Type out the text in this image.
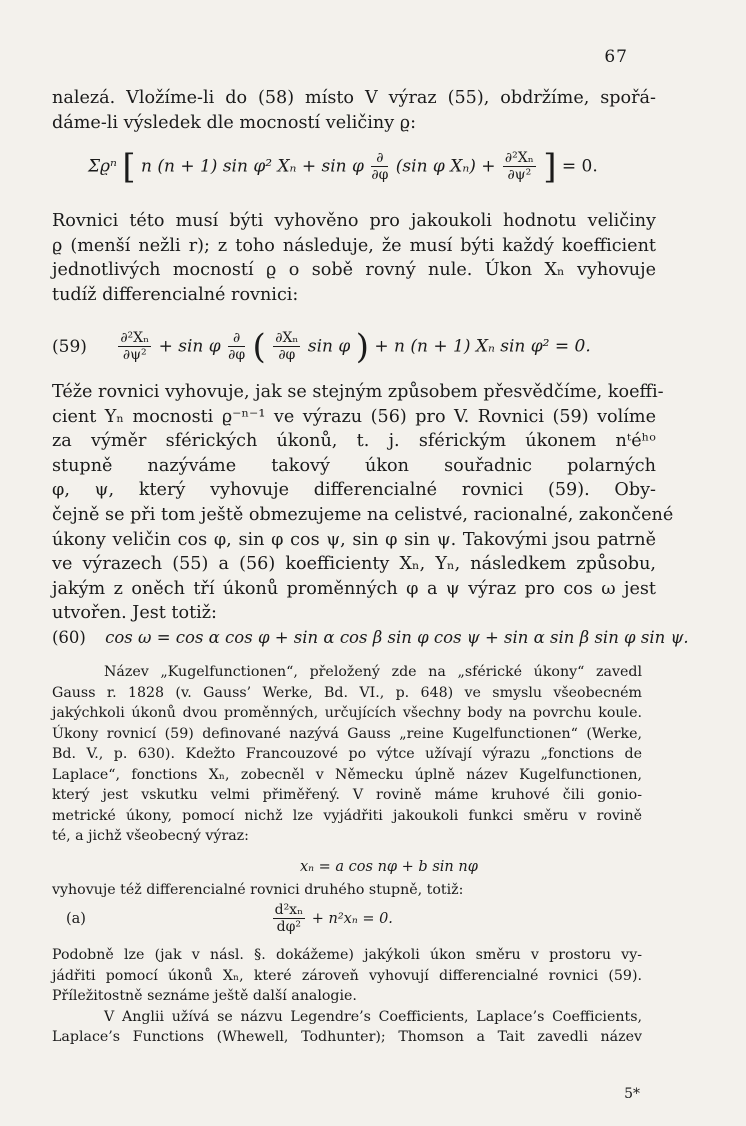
67

nalezá. Vložíme-li do (58) místo V výraz (55), obdržíme, spořá-
dáme-li výsledek dle mocností veličiny ϱ:

Σϱⁿ [ n (n + 1) sin φ² Xₙ + sin φ ∂
∂φ (sin φ $X_n) + \frac{\text{∂²Xₙ}}{\text{∂ψ²}}$ ] = 0.

Rovnici této musí býti vyhověno pro jakoukoli hodnotu veličiny
ϱ (menší nežli r); z toho následuje, že musí býti každý koefficient
jednotlivých mocností ϱ o sobě rovný nule. Úkon Xₙ vyhovuje
tudíž differencialné rovnici:

$(59) \frac{\text{∂²Xₙ}}{\text{∂ψ²}} + \sin \varphi$ ∂
∂φ ( $\frac{\text{∂Xₙ}}{\partial\varphi}$ sin φ ) + n (n + 1) Xₙ sin φ² = 0.

Téže rovnici vyhovuje, jak se stejným způsobem přesvědčíme, koeffi-
cient Yₙ mocnosti ϱ⁻ⁿ⁻¹ ve výrazu (56) pro V. Rovnici (59) volíme
za výměr sférických úkonů, t. j. sférickým úkonem nᵗéʰᵒ
stupně nazýváme takový úkon souřadnic polarných
φ, ψ, který vyhovuje differencialné rovnici (59). Oby-
čejně se při tom ještě obmezujeme na celistvé, racionalné, zakončené
úkony veličin cos φ, sin φ cos ψ, sin φ sin ψ. Takovými jsou patrně
ve výrazech (55) a (56) koefficienty Xₙ, Yₙ, následkem způsobu,
jakým z oněch tří úkonů proměnných φ a ψ výraz pro cos ω jest
utvořen. Jest totiž:

(60) cos ω = cos α cos φ + sin α cos β sin φ cos ψ + sin α sin β sin φ sin ψ.

Název „Kugelfunctionen“, přeložený zde na „sférické úkony“ zavedl
Gauss r. 1828 (v. Gauss’ Werke, Bd. VI., p. 648) ve smyslu všeobecném
jakýchkoli úkonů dvou proměnných, určujících všechny body na povrchu koule.
Úkony rovnicí (59) definované nazývá Gauss „reine Kugelfunctionen“ (Werke,
Bd. V., p. 630). Kdežto Francouzové po výtce užívají výrazu „fonctions de
Laplace“, fonctions Xₙ, zobecněl v Německu úplně název Kugelfunctionen,
který jest vskutku velmi přiměřený. V rovině máme kruhové čili gonio-
metrické úkony, pomocí nichž lze vyjádřiti jakoukoli funkci směru v rovině
té, a jichž všeobecný výraz:

xₙ = a cos nφ + b sin nφ

vyhovuje též differencialné rovnici druhého stupně, totiž:

(a)	$\frac{\text{d²xₙ}}{\text{dφ²}} + n^2x_n = 0$.

Podobně lze (jak v násl. §. dokážeme) jakýkoli úkon směru v prostoru vy-
jádřiti pomocí úkonů Xₙ, které zároveň vyhovují differencialné rovnici (59).
Příležitostně seznáme ještě další analogie.
V Anglii užívá se názvu Legendre’s Coefficients, Laplace’s Coefficients,
Laplace’s Functions (Whewell, Todhunter); Thomson a Tait zavedli název

5*
